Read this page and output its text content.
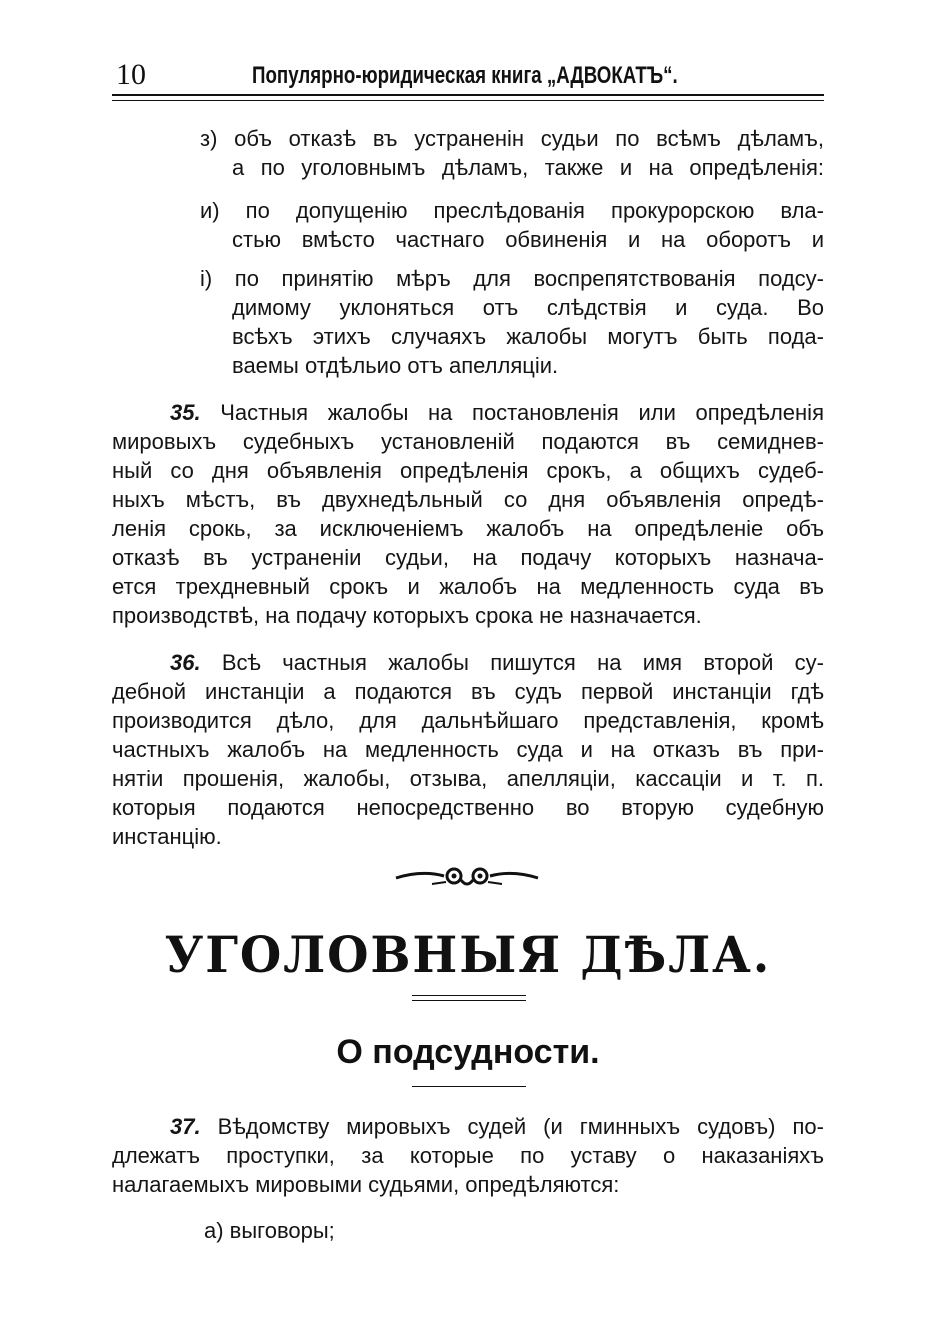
10	Популярно-юридическая книга „АДВОКАТЪ“.
з) объ отказѣ въ устраненін судьи по всѣмъ дѣламъ,
а по уголовнымъ дѣламъ, также и на опредѣленія:
и) по допущенію преслѣдованія прокурорскою вла-
стью вмѣсто частнаго обвиненія и на оборотъ и
і) по принятію мѣръ для воспрепятствованія подсу-
димому уклоняться отъ слѣдствія и суда. Во
всѣхъ этихъ случаяхъ жалобы могутъ быть пода-
ваемы отдѣльио отъ апелляціи.
35. Частныя жалобы на постановленія или опредѣленія
мировыхъ судебныхъ установленій подаются въ семиднев-
ный со дня объявленія опредѣленія срокъ, а общихъ судеб-
ныхъ мѣстъ, въ двухнедѣльный со дня объявленія опредѣ-
ленія срокь, за исключеніемъ жалобъ на опредѣленіе объ
отказѣ въ устраненіи судьи, на подачу которыхъ назнача-
ется трехдневный срокъ и жалобъ на медленность суда въ
производствѣ, на подачу которыхъ срока не назначается.
36. Всѣ частныя жалобы пишутся на имя второй су-
дебной инстанціи а подаются въ судъ первой инстанціи гдѣ
производится дѣло, для дальнѣйшаго представленія, кромѣ
частныхъ жалобъ на медленность суда и на отказъ въ при-
нятіи прошенія, жалобы, отзыва, апелляціи, кассаціи и т. п.
которыя подаются непосредственно во вторую судебную
инстанцію.
УГОЛОВНЫЯ ДѢЛА.
О подсудности.
37. Вѣдомству мировыхъ судей (и гминныхъ судовъ) по-
длежатъ проступки, за которые по уставу о наказаніяхъ
налагаемыхъ мировыми судьями, опредѣляются:
а) выговоры;
